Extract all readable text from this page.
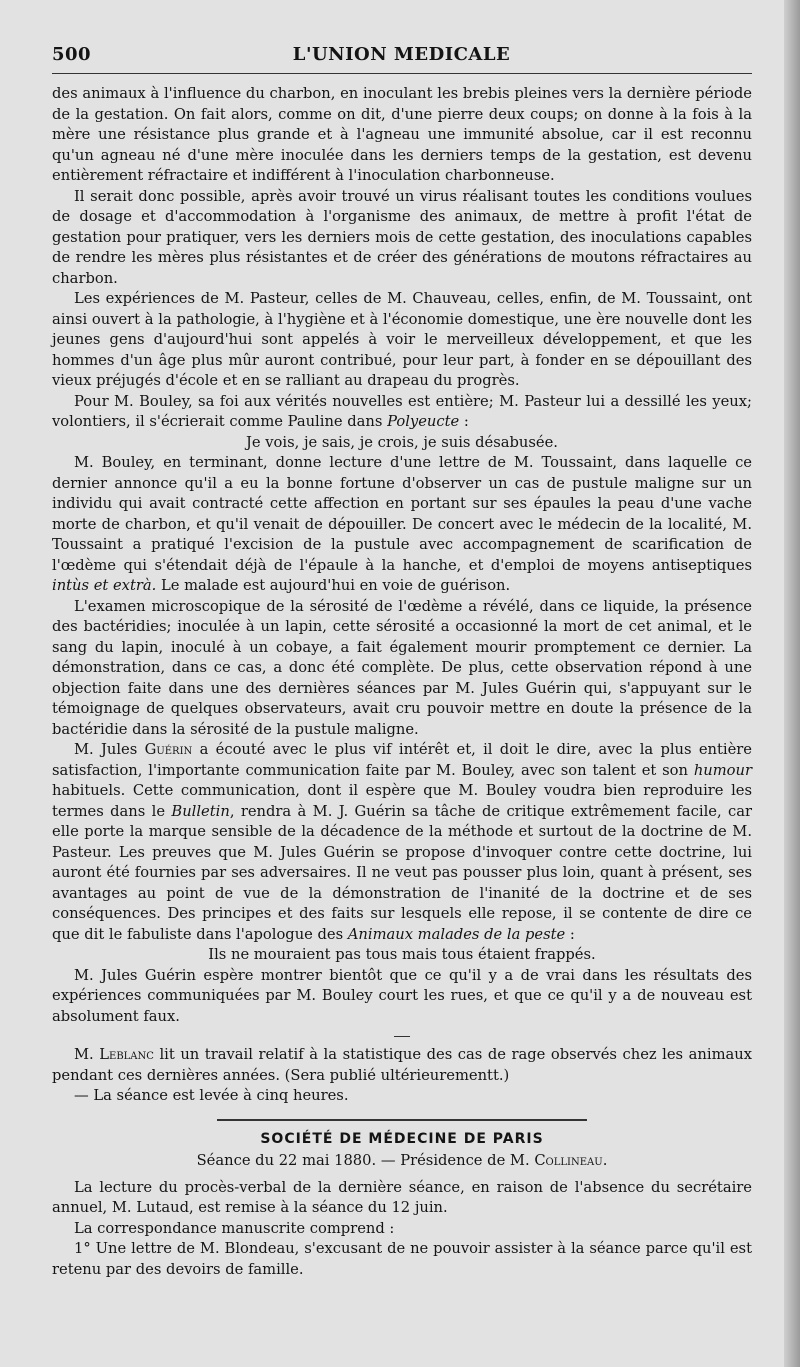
500	L'UNION MEDICALE

des animaux à l'influence du charbon, en inoculant les brebis pleines vers la dernière période de la gestation. On fait alors, comme on dit, d'une pierre deux coups; on donne à la fois à la mère une résistance plus grande et à l'agneau une immunité absolue, car il est reconnu qu'un agneau né d'une mère inoculée dans les derniers temps de la gestation, est devenu entièrement réfractaire et indifférent à l'inoculation charbonneuse.

Il serait donc possible, après avoir trouvé un virus réalisant toutes les conditions voulues de dosage et d'accommodation à l'organisme des animaux, de mettre à profit l'état de gestation pour pratiquer, vers les derniers mois de cette gestation, des inoculations capables de rendre les mères plus résistantes et de créer des générations de moutons réfractaires au charbon.

Les expériences de M. Pasteur, celles de M. Chauveau, celles, enfin, de M. Toussaint, ont ainsi ouvert à la pathologie, à l'hygiène et à l'économie domestique, une ère nouvelle dont les jeunes gens d'aujourd'hui sont appelés à voir le merveilleux développement, et que les hommes d'un âge plus mûr auront contribué, pour leur part, à fonder en se dépouillant des vieux préjugés d'école et en se ralliant au drapeau du progrès.

Pour M. Bouley, sa foi aux vérités nouvelles est entière; M. Pasteur lui a dessillé les yeux; volontiers, il s'écrierait comme Pauline dans Polyeucte :

Je vois, je sais, je crois, je suis désabusée.

M. Bouley, en terminant, donne lecture d'une lettre de M. Toussaint, dans laquelle ce dernier annonce qu'il a eu la bonne fortune d'observer un cas de pustule maligne sur un individu qui avait contracté cette affection en portant sur ses épaules la peau d'une vache morte de charbon, et qu'il venait de dépouiller. De concert avec le médecin de la localité, M. Toussaint a pratiqué l'excision de la pustule avec accompagnement de scarification de l'œdème qui s'étendait déjà de l'épaule à la hanche, et d'emploi de moyens antiseptiques intùs et extrà. Le malade est aujourd'hui en voie de guérison.

L'examen microscopique de la sérosité de l'œdème a révélé, dans ce liquide, la présence des bactéridies; inoculée à un lapin, cette sérosité a occasionné la mort de cet animal, et le sang du lapin, inoculé à un cobaye, a fait également mourir promptement ce dernier. La démonstration, dans ce cas, a donc été complète. De plus, cette observation répond à une objection faite dans une des dernières séances par M. Jules Guérin qui, s'appuyant sur le témoignage de quelques observateurs, avait cru pouvoir mettre en doute la présence de la bactéridie dans la sérosité de la pustule maligne.

M. Jules Guérin a écouté avec le plus vif intérêt et, il doit le dire, avec la plus entière satisfaction, l'importante communication faite par M. Bouley, avec son talent et son humour habituels. Cette communication, dont il espère que M. Bouley voudra bien reproduire les termes dans le Bulletin, rendra à M. J. Guérin sa tâche de critique extrêmement facile, car elle porte la marque sensible de la décadence de la méthode et surtout de la doctrine de M. Pasteur. Les preuves que M. Jules Guérin se propose d'invoquer contre cette doctrine, lui auront été fournies par ses adversaires. Il ne veut pas pousser plus loin, quant à présent, ses avantages au point de vue de la démonstration de l'inanité de la doctrine et de ses conséquences. Des principes et des faits sur lesquels elle repose, il se contente de dire ce que dit le fabuliste dans l'apologue des Animaux malades de la peste :

Ils ne mouraient pas tous mais tous étaient frappés.

M. Jules Guérin espère montrer bientôt que ce qu'il y a de vrai dans les résultats des expériences communiquées par M. Bouley court les rues, et que ce qu'il y a de nouveau est absolument faux.

M. Leblanc lit un travail relatif à la statistique des cas de rage observés chez les animaux pendant ces dernières années. (Sera publié ultérieurementt.)

— La séance est levée à cinq heures.

SOCIÉTÉ DE MÉDECINE DE PARIS
Séance du 22 mai 1880. — Présidence de M. Collineau.

La lecture du procès-verbal de la dernière séance, en raison de l'absence du secrétaire annuel, M. Lutaud, est remise à la séance du 12 juin.

La correspondance manuscrite comprend :

1° Une lettre de M. Blondeau, s'excusant de ne pouvoir assister à la séance parce qu'il est retenu par des devoirs de famille.
